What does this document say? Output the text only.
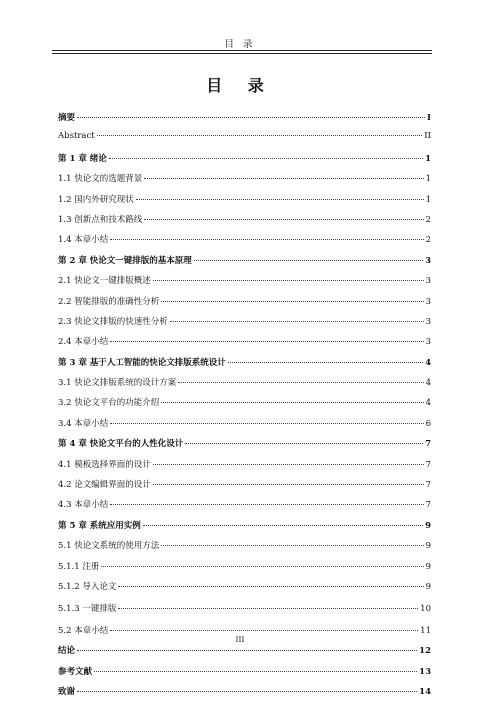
目 录
目 录
摘要	I
Abstract	II
第 1 章 绪论	1
1.1 快论文的选题背景	1
1.2 国内外研究现状	1
1.3 创新点和技术路线	2
1.4 本章小结	2
第 2 章 快论文一键排版的基本原理	3
2.1 快论文一键排版概述	3
2.2 智能排版的准确性分析	3
2.3 快论文排版的快速性分析	3
2.4 本章小结	3
第 3 章 基于人工智能的快论文排版系统设计	4
3.1 快论文排版系统的设计方案	4
3.2 快论文平台的功能介绍	4
3.4 本章小结	6
第 4 章 快论文平台的人性化设计	7
4.1 模板选择界面的设计	7
4.2 论文编辑界面的设计	7
4.3 本章小结	7
第 5 章 系统应用实例	9
5.1 快论文系统的使用方法	9
5.1.1 注册	9
5.1.2 导入论文	9
5.1.3 一键排版	10
5.2 本章小结	11
结论	12
参考文献	13
致谢	14
III
